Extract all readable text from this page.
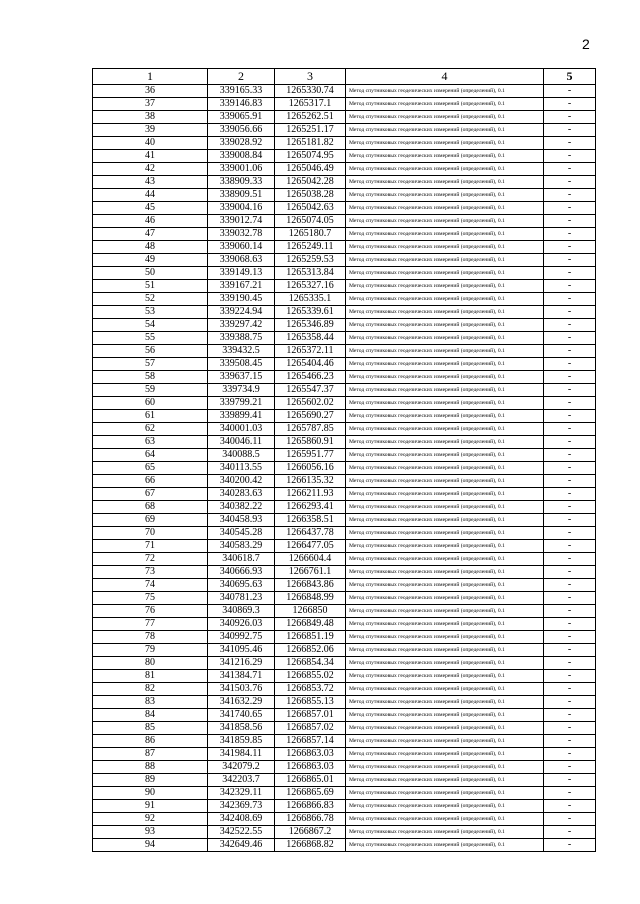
2
1	2	3	4	5
36	339165.33	1265330.74	Метод спутниковых геодезических измерений (определений), 0.1	-
37	339146.83	1265317.1	Метод спутниковых геодезических измерений (определений), 0.1	-
38	339065.91	1265262.51	Метод спутниковых геодезических измерений (определений), 0.1	-
39	339056.66	1265251.17	Метод спутниковых геодезических измерений (определений), 0.1	-
40	339028.92	1265181.82	Метод спутниковых геодезических измерений (определений), 0.1	-
41	339008.84	1265074.95	Метод спутниковых геодезических измерений (определений), 0.1	-
42	339001.06	1265046.49	Метод спутниковых геодезических измерений (определений), 0.1	-
43	338909.33	1265042.28	Метод спутниковых геодезических измерений (определений), 0.1	-
44	338909.51	1265038.28	Метод спутниковых геодезических измерений (определений), 0.1	-
45	339004.16	1265042.63	Метод спутниковых геодезических измерений (определений), 0.1	-
46	339012.74	1265074.05	Метод спутниковых геодезических измерений (определений), 0.1	-
47	339032.78	1265180.7	Метод спутниковых геодезических измерений (определений), 0.1	-
48	339060.14	1265249.11	Метод спутниковых геодезических измерений (определений), 0.1	-
49	339068.63	1265259.53	Метод спутниковых геодезических измерений (определений), 0.1	-
50	339149.13	1265313.84	Метод спутниковых геодезических измерений (определений), 0.1	-
51	339167.21	1265327.16	Метод спутниковых геодезических измерений (определений), 0.1	-
52	339190.45	1265335.1	Метод спутниковых геодезических измерений (определений), 0.1	-
53	339224.94	1265339.61	Метод спутниковых геодезических измерений (определений), 0.1	-
54	339297.42	1265346.89	Метод спутниковых геодезических измерений (определений), 0.1	-
55	339388.75	1265358.44	Метод спутниковых геодезических измерений (определений), 0.1	-
56	339432.5	1265372.11	Метод спутниковых геодезических измерений (определений), 0.1	-
57	339508.45	1265404.46	Метод спутниковых геодезических измерений (определений), 0.1	-
58	339637.15	1265466.23	Метод спутниковых геодезических измерений (определений), 0.1	-
59	339734.9	1265547.37	Метод спутниковых геодезических измерений (определений), 0.1	-
60	339799.21	1265602.02	Метод спутниковых геодезических измерений (определений), 0.1	-
61	339899.41	1265690.27	Метод спутниковых геодезических измерений (определений), 0.1	-
62	340001.03	1265787.85	Метод спутниковых геодезических измерений (определений), 0.1	-
63	340046.11	1265860.91	Метод спутниковых геодезических измерений (определений), 0.1	-
64	340088.5	1265951.77	Метод спутниковых геодезических измерений (определений), 0.1	-
65	340113.55	1266056.16	Метод спутниковых геодезических измерений (определений), 0.1	-
66	340200.42	1266135.32	Метод спутниковых геодезических измерений (определений), 0.1	-
67	340283.63	1266211.93	Метод спутниковых геодезических измерений (определений), 0.1	-
68	340382.22	1266293.41	Метод спутниковых геодезических измерений (определений), 0.1	-
69	340458.93	1266358.51	Метод спутниковых геодезических измерений (определений), 0.1	-
70	340545.28	1266437.78	Метод спутниковых геодезических измерений (определений), 0.1	-
71	340583.29	1266477.05	Метод спутниковых геодезических измерений (определений), 0.1	-
72	340618.7	1266604.4	Метод спутниковых геодезических измерений (определений), 0.1	-
73	340666.93	1266761.1	Метод спутниковых геодезических измерений (определений), 0.1	-
74	340695.63	1266843.86	Метод спутниковых геодезических измерений (определений), 0.1	-
75	340781.23	1266848.99	Метод спутниковых геодезических измерений (определений), 0.1	-
76	340869.3	1266850	Метод спутниковых геодезических измерений (определений), 0.1	-
77	340926.03	1266849.48	Метод спутниковых геодезических измерений (определений), 0.1	-
78	340992.75	1266851.19	Метод спутниковых геодезических измерений (определений), 0.1	-
79	341095.46	1266852.06	Метод спутниковых геодезических измерений (определений), 0.1	-
80	341216.29	1266854.34	Метод спутниковых геодезических измерений (определений), 0.1	-
81	341384.71	1266855.02	Метод спутниковых геодезических измерений (определений), 0.1	-
82	341503.76	1266853.72	Метод спутниковых геодезических измерений (определений), 0.1	-
83	341632.29	1266855.13	Метод спутниковых геодезических измерений (определений), 0.1	-
84	341740.65	1266857.01	Метод спутниковых геодезических измерений (определений), 0.1	-
85	341858.56	1266857.02	Метод спутниковых геодезических измерений (определений), 0.1	-
86	341859.85	1266857.14	Метод спутниковых геодезических измерений (определений), 0.1	-
87	341984.11	1266863.03	Метод спутниковых геодезических измерений (определений), 0.1	-
88	342079.2	1266863.03	Метод спутниковых геодезических измерений (определений), 0.1	-
89	342203.7	1266865.01	Метод спутниковых геодезических измерений (определений), 0.1	-
90	342329.11	1266865.69	Метод спутниковых геодезических измерений (определений), 0.1	-
91	342369.73	1266866.83	Метод спутниковых геодезических измерений (определений), 0.1	-
92	342408.69	1266866.78	Метод спутниковых геодезических измерений (определений), 0.1	-
93	342522.55	1266867.2	Метод спутниковых геодезических измерений (определений), 0.1	-
94	342649.46	1266868.82	Метод спутниковых геодезических измерений (определений), 0.1	-
